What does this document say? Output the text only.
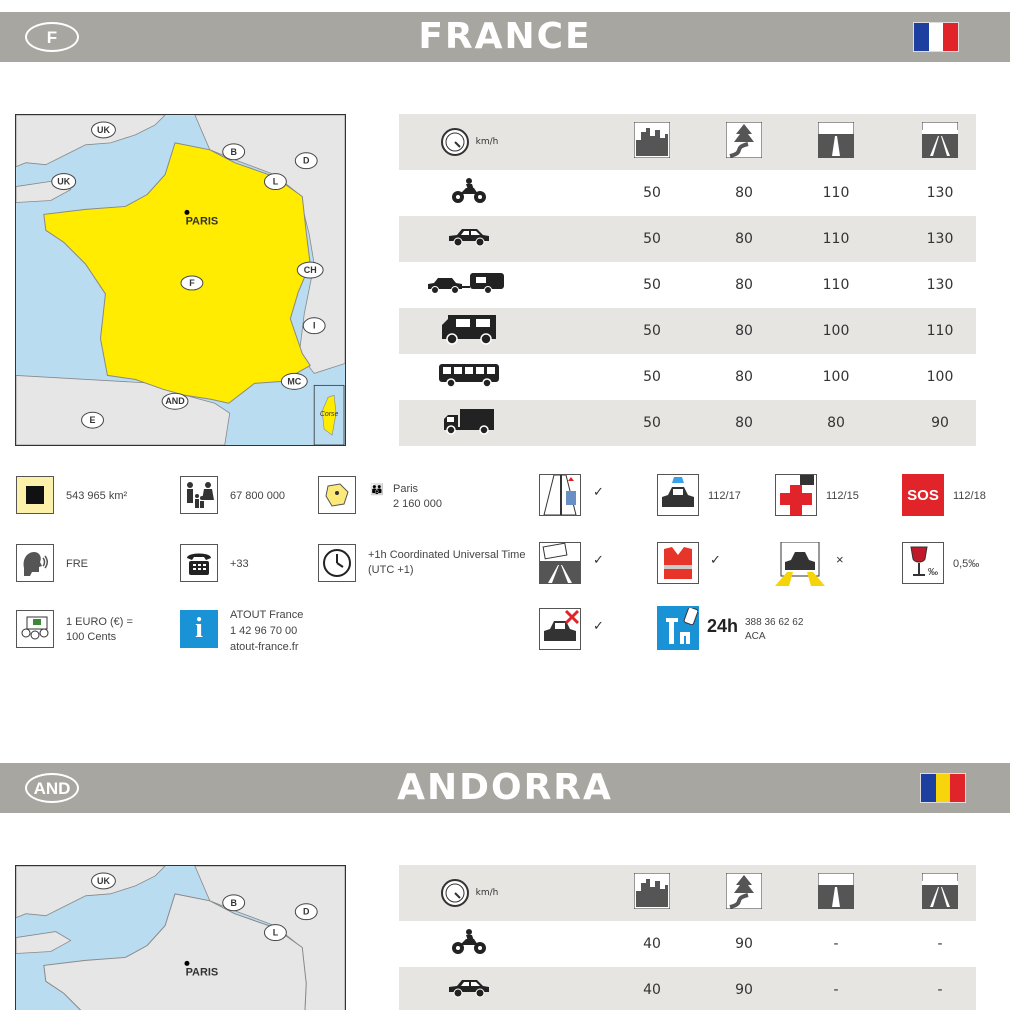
F	FRANCE
UK
UK
B
D
L
CH
I
MC
AND
E
F
PARIS
Corse
km/h
50	80	110	130
50	80	110	130
50	80	110	130
50	80	100	110
50	80	100	100
50	80	80	90
543 965 km²	67 800 000	👪 Paris
2 160 000
✓	112/17	112/15	SOS 112/18
FRE	+33
+1h Coordinated Universal Time
(UTC +1)
✓	✓	×
‰
0,5‰
1 EURO (€) =
100 Cents	i ATOUT France
1 42 96 70 00
atout-france.fr
✓	24h 388 36 62 62
ACA
AND	ANDORRA
UK
B
D
L
PARIS
km/h
40	90	-	-
40	90	-	-
